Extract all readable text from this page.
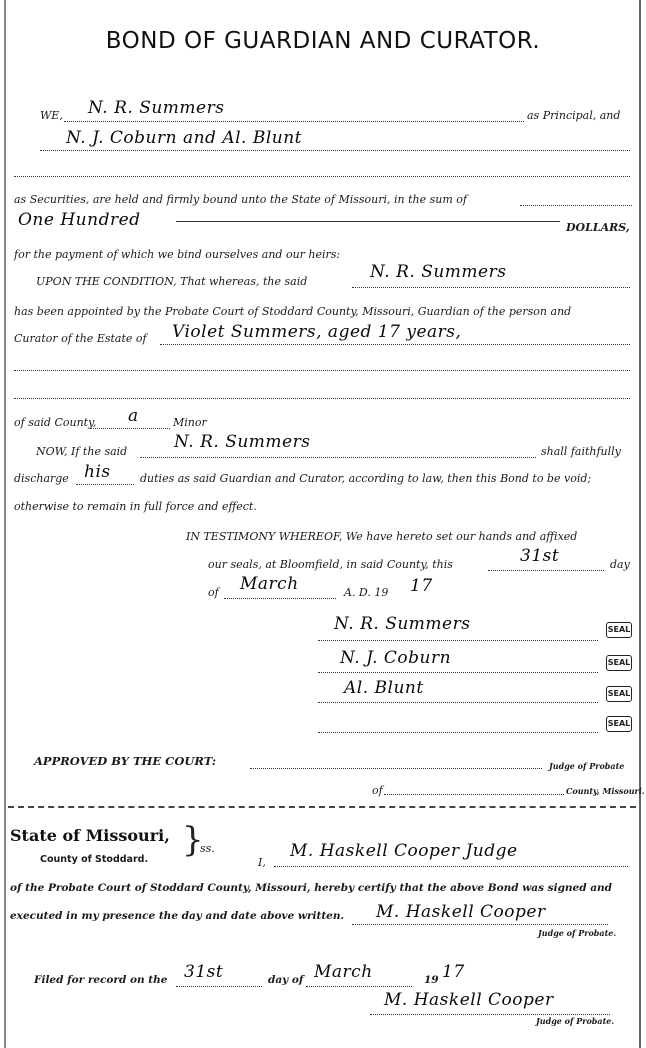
BOND OF GUARDIAN AND CURATOR.
WE, N. R. Summers	as Principal, and
N. J. Coburn and Al. Blunt
as Securities, are held and firmly bound unto the State of Missouri, in the sum of
One Hundred	DOLLARS,
for the payment of which we bind ourselves and our heirs:
UPON THE CONDITION, That whereas, the said	N. R. Summers
has been appointed by the Probate Court of Stoddard County, Missouri, Guardian of the person and
Curator of the Estate of Violet Summers, aged 17 years,
of said County, a	Minor
NOW, If the said	N. R. Summers	shall faithfully
discharge his	duties as said Guardian and Curator, according to law, then this Bond to be void;
otherwise to remain in full force and effect.
IN TESTIMONY WHEREOF, We have hereto set our hands and affixed
our seals, at Bloomfield, in said County, this	31st	day
of March	A. D. 19 17
N. R. Summers	SEAL
N. J. Coburn	SEAL
Al. Blunt	SEAL
SEAL
APPROVED BY THE COURT:	Judge of Probate
of	County, Missouri.
State of Missouri,
County of Stoddard. }
ss.
I,
M. Haskell Cooper Judge
of the Probate Court of Stoddard County, Missouri, hereby certify that the above Bond was signed and
executed in my presence the day and date above written. M. Haskell Cooper
Judge of Probate.
Filed for record on the 31st	day of March	19 17
M. Haskell Cooper
Judge of Probate.
